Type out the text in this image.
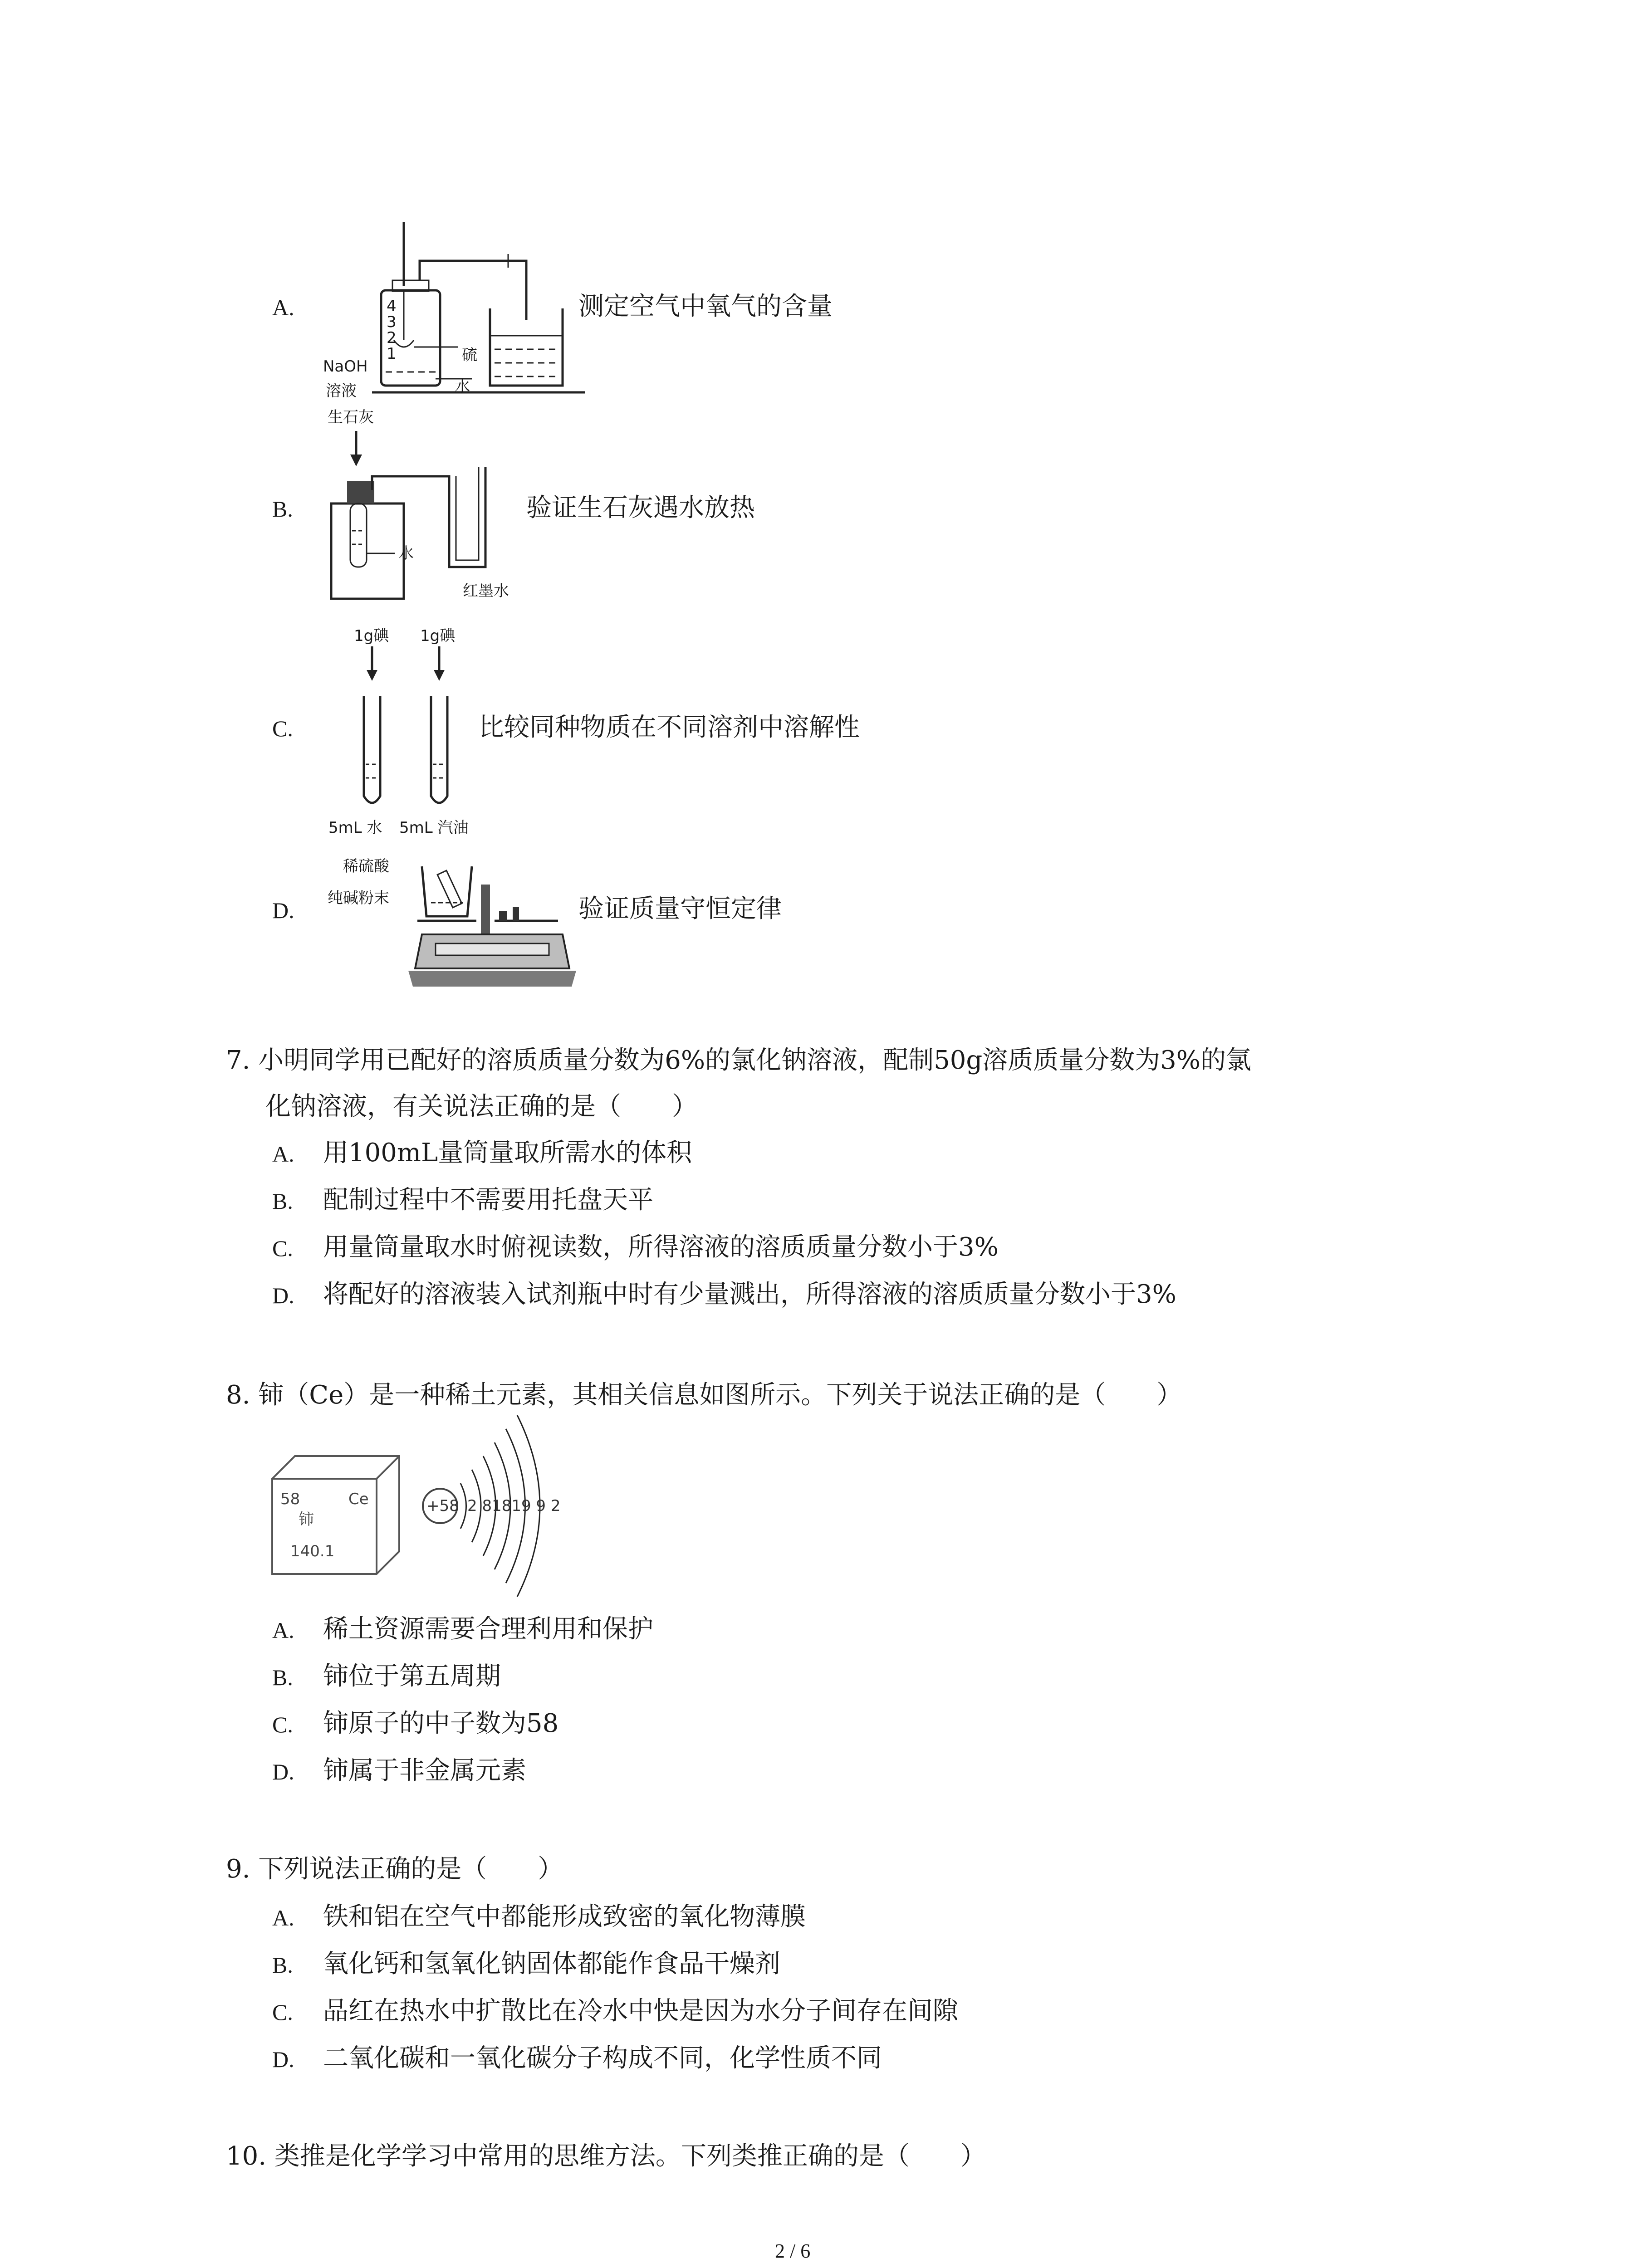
A.	测定空气中氧气的含量
4
3
2
1	硫
水
NaOH
溶液
生石灰
B.	验证生石灰遇水放热
水
红墨水
1g碘 1g碘
C.	比较同种物质在不同溶剂中溶解性
5mL 水 5mL 汽油
稀硫酸
纯碱粉末
D.	验证质量守恒定律
7. 小明同学用已配好的溶质质量分数为6%的氯化钠溶液，配制50g溶质质量分数为3%的氯
化钠溶液，有关说法正确的是（　　）
A. 用100mL量筒量取所需水的体积
B. 配制过程中不需要用托盘天平
C. 用量筒量取水时俯视读数，所得溶液的溶质质量分数小于3%
D. 将配好的溶液装入试剂瓶中时有少量溅出，所得溶液的溶质质量分数小于3%
8. 铈（Ce）是一种稀土元素，其相关信息如图所示。下列关于说法正确的是（　　）
58	Ce
铈
140.1
+58 2 81819 9 2
A. 稀土资源需要合理利用和保护
B. 铈位于第五周期
C. 铈原子的中子数为58
D. 铈属于非金属元素
9. 下列说法正确的是（　　）
A. 铁和铝在空气中都能形成致密的氧化物薄膜
B. 氧化钙和氢氧化钠固体都能作食品干燥剂
C. 品红在热水中扩散比在冷水中快是因为水分子间存在间隙
D. 二氧化碳和一氧化碳分子构成不同，化学性质不同
10. 类推是化学学习中常用的思维方法。下列类推正确的是（　　）
2 / 6
